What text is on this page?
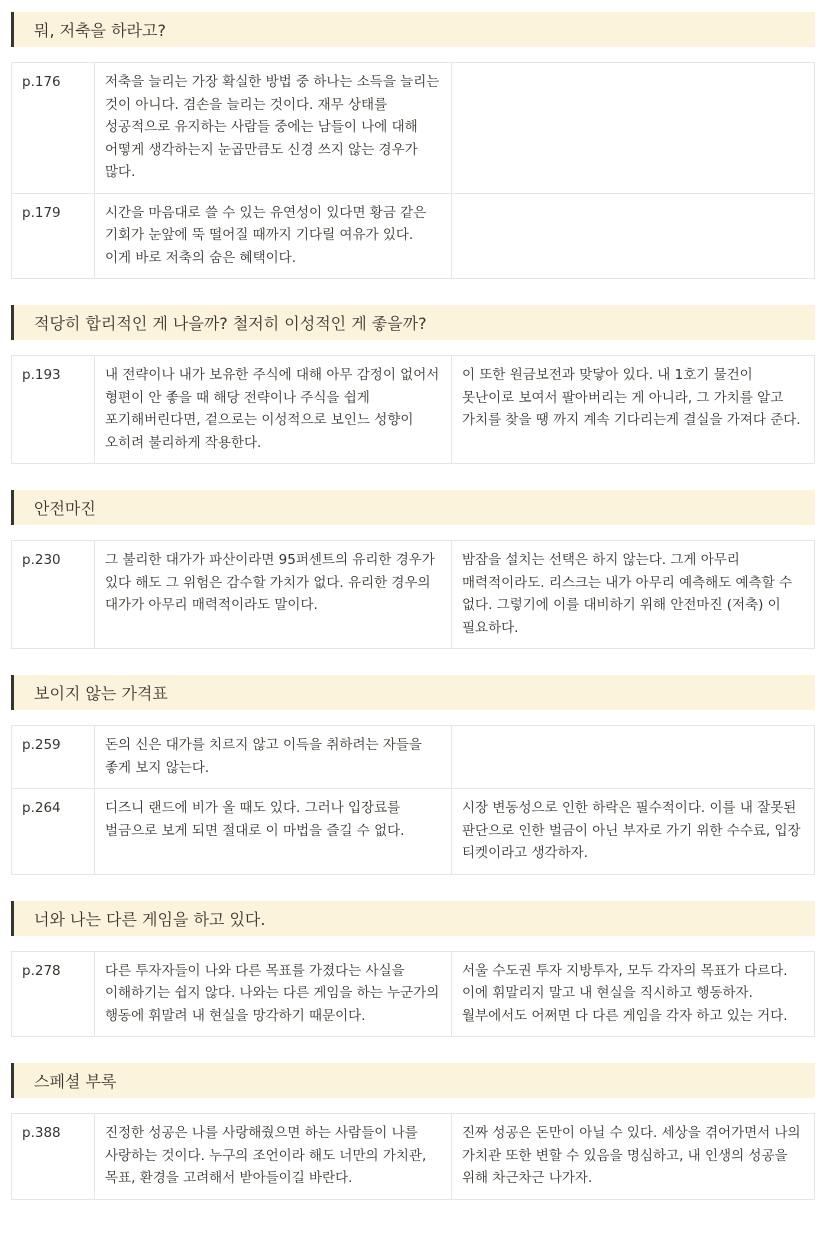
뭐, 저축을 하라고?
p.176	저축을 늘리는 가장 확실한 방법 중 하나는 소득을 늘리는 것이 아니다. 겸손을 늘리는 것이다. 재무 상태를 성공적으로 유지하는 사람들 중에는 남들이 나에 대해 어떻게 생각하는지 눈곱만큼도 신경 쓰지 않는 경우가 많다.	
p.179	시간을 마음대로 쓸 수 있는 유연성이 있다면 황금 같은 기회가 눈앞에 뚝 떨어질 때까지 기다릴 여유가 있다. 이게 바로 저축의 숨은 혜택이다.	
적당히 합리적인 게 나을까? 철저히 이성적인 게 좋을까?
p.193	내 전략이나 내가 보유한 주식에 대해 아무 감정이 없어서 형편이 안 좋을 때 해당 전략이나 주식을 쉽게 포기해버린다면, 겉으로는 이성적으로 보인느 성향이 오히려 불리하게 작용한다.	이 또한 원금보전과 맞닿아 있다. 내 1호기 물건이 못난이로 보여서 팔아버리는 게 아니라, 그 가치를 알고 가치를 찾을 땡 까지 계속 기다리는게 결실을 가져다 준다.
안전마진
p.230	그 불리한 대가가 파산이라면 95퍼센트의 유리한 경우가 있다 해도 그 위험은 감수할 가치가 없다. 유리한 경우의 대가가 아무리 매력적이라도 말이다.	밤잠을 설치는 선택은 하지 않는다. 그게 아무리 매력적이라도. 리스크는 내가 아무리 예측해도 예측할 수 없다. 그렇기에 이를 대비하기 위해 안전마진 (저축) 이 필요하다.
보이지 않는 가격표
p.259	돈의 신은 대가를 치르지 않고 이득을 취하려는 자들을 좋게 보지 않는다.	
p.264	디즈니 랜드에 비가 올 때도 있다. 그러나 입장료를 벌금으로 보게 되면 절대로 이 마법을 즐길 수 없다.	시장 변동성으로 인한 하락은 필수적이다. 이를 내 잘못된 판단으로 인한 벌금이 아닌 부자로 가기 위한 수수료, 입장 티켓이라고 생각하자.
너와 나는 다른 게임을 하고 있다.
p.278	다른 투자자들이 나와 다른 목표를 가졌다는 사실을 이해하기는 쉽지 않다. 나와는 다른 게임을 하는 누군가의 행동에 휘말려 내 현실을 망각하기 때문이다.	서울 수도권 투자 지방투자, 모두 각자의 목표가 다르다. 이에 휘말리지 말고 내 현실을 직시하고 행동하자. 월부에서도 어쩌면 다 다른 게임을 각자 하고 있는 거다.
스페셜 부록
p.388	진정한 성공은 나를 사랑해줬으면 하는 사람들이 나를 사랑하는 것이다. 누구의 조언이라 해도 너만의 가치관, 목표, 환경을 고려해서 받아들이길 바란다.	진짜 성공은 돈만이 아닐 수 있다. 세상을 겪어가면서 나의 가치관 또한 변할 수 있음을 명심하고, 내 인생의 성공을 위해 차근차근 나가자.
